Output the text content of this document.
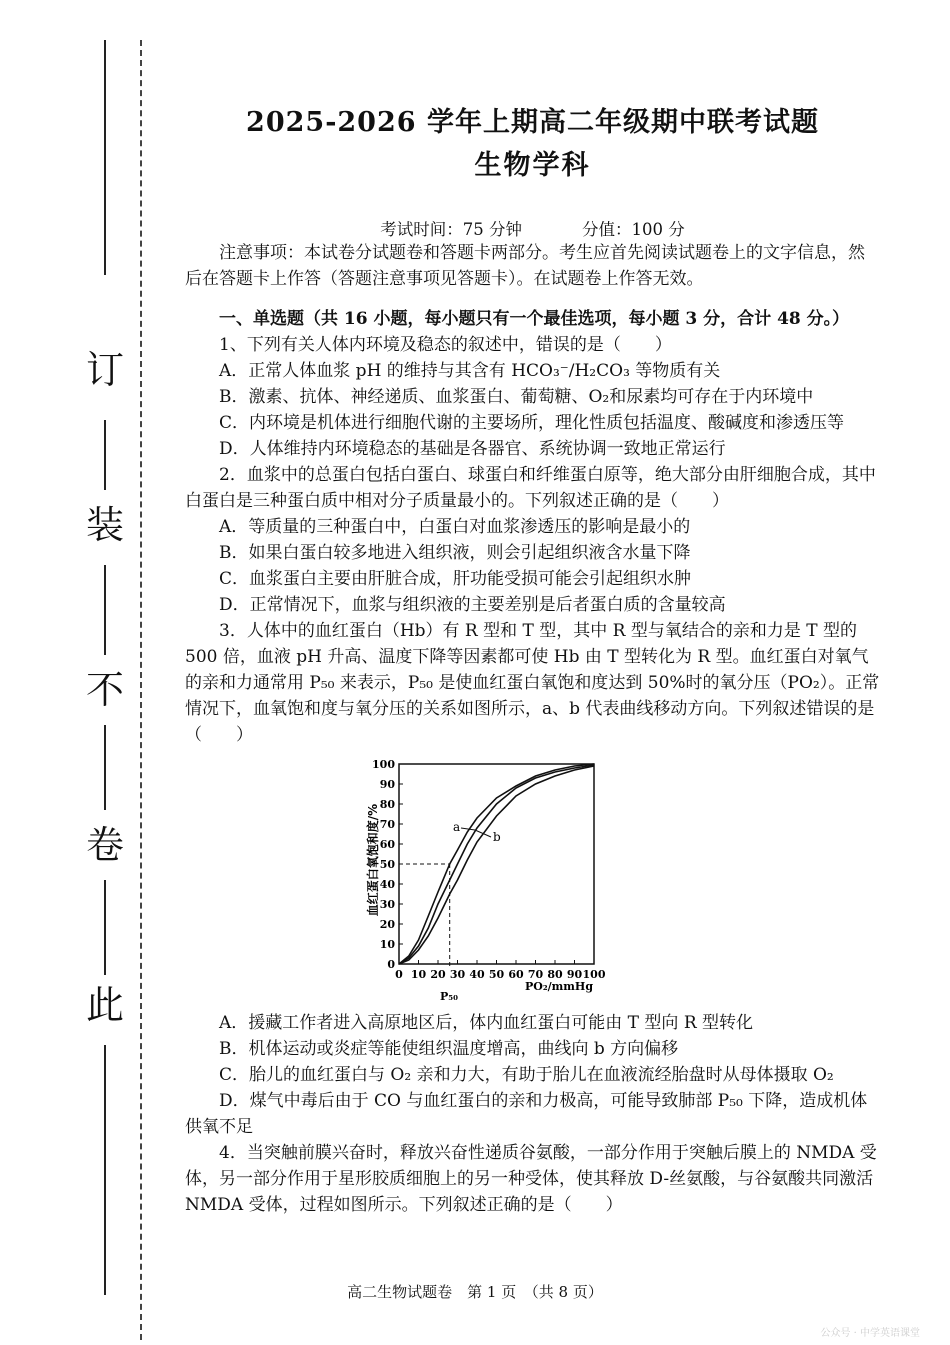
订
装
不
卷
此
2025-2026 学年上期高二年级期中联考试题
生物学科
考试时间：75 分钟	分值：100 分

注意事项：本试卷分试题卷和答题卡两部分。考生应首先阅读试题卷上的文字信息，然后在答题卡上作答（答题注意事项见答题卡）。在试题卷上作答无效。

一、单选题（共 16 小题，每小题只有一个最佳选项，每小题 3 分，合计 48 分。）

1、下列有关人体内环境及稳态的叙述中，错误的是（　　）

A．正常人体血浆 pH 的维持与其含有 HCO₃⁻/H₂CO₃ 等物质有关

B．激素、抗体、神经递质、血浆蛋白、葡萄糖、O₂和尿素均可存在于内环境中

C．内环境是机体进行细胞代谢的主要场所，理化性质包括温度、酸碱度和渗透压等

D．人体维持内环境稳态的基础是各器官、系统协调一致地正常运行

2．血浆中的总蛋白包括白蛋白、球蛋白和纤维蛋白原等，绝大部分由肝细胞合成，其中白蛋白是三种蛋白质中相对分子质量最小的。下列叙述正确的是（　　）

A．等质量的三种蛋白中，白蛋白对血浆渗透压的影响是最小的

B．如果白蛋白较多地进入组织液，则会引起组织液含水量下降

C．血浆蛋白主要由肝脏合成，肝功能受损可能会引起组织水肿

D．正常情况下，血浆与组织液的主要差别是后者蛋白质的含量较高

3．人体中的血红蛋白（Hb）有 R 型和 T 型，其中 R 型与氧结合的亲和力是 T 型的 500 倍，血液 pH 升高、温度下降等因素都可使 Hb 由 T 型转化为 R 型。血红蛋白对氧气的亲和力通常用 P₅₀ 来表示，P₅₀ 是使血红蛋白氧饱和度达到 50%时的氧分压（PO₂）。正常情况下，血氧饱和度与氧分压的关系如图所示，a、b 代表曲线移动方向。下列叙述错误的是（　　）

0 10 20 30 40 50 60 70 80 90 100
0
10
20
30
40
50
60
70
80
90
100
血红蛋白氧饱和度/%
PO₂/mmHg
P₅₀
a
b

A．援藏工作者进入高原地区后，体内血红蛋白可能由 T 型向 R 型转化

B．机体运动或炎症等能使组织温度增高，曲线向 b 方向偏移

C．胎儿的血红蛋白与 O₂ 亲和力大，有助于胎儿在血液流经胎盘时从母体摄取 O₂

D．煤气中毒后由于 CO 与血红蛋白的亲和力极高，可能导致肺部 P₅₀ 下降，造成机体供氧不足

4．当突触前膜兴奋时，释放兴奋性递质谷氨酸，一部分作用于突触后膜上的 NMDA 受体，另一部分作用于星形胶质细胞上的另一种受体，使其释放 D-丝氨酸，与谷氨酸共同激活 NMDA 受体，过程如图所示。下列叙述正确的是（　　）

高二生物试题卷　第 1 页　（共 8 页）
公众号 · 中学英语课堂
